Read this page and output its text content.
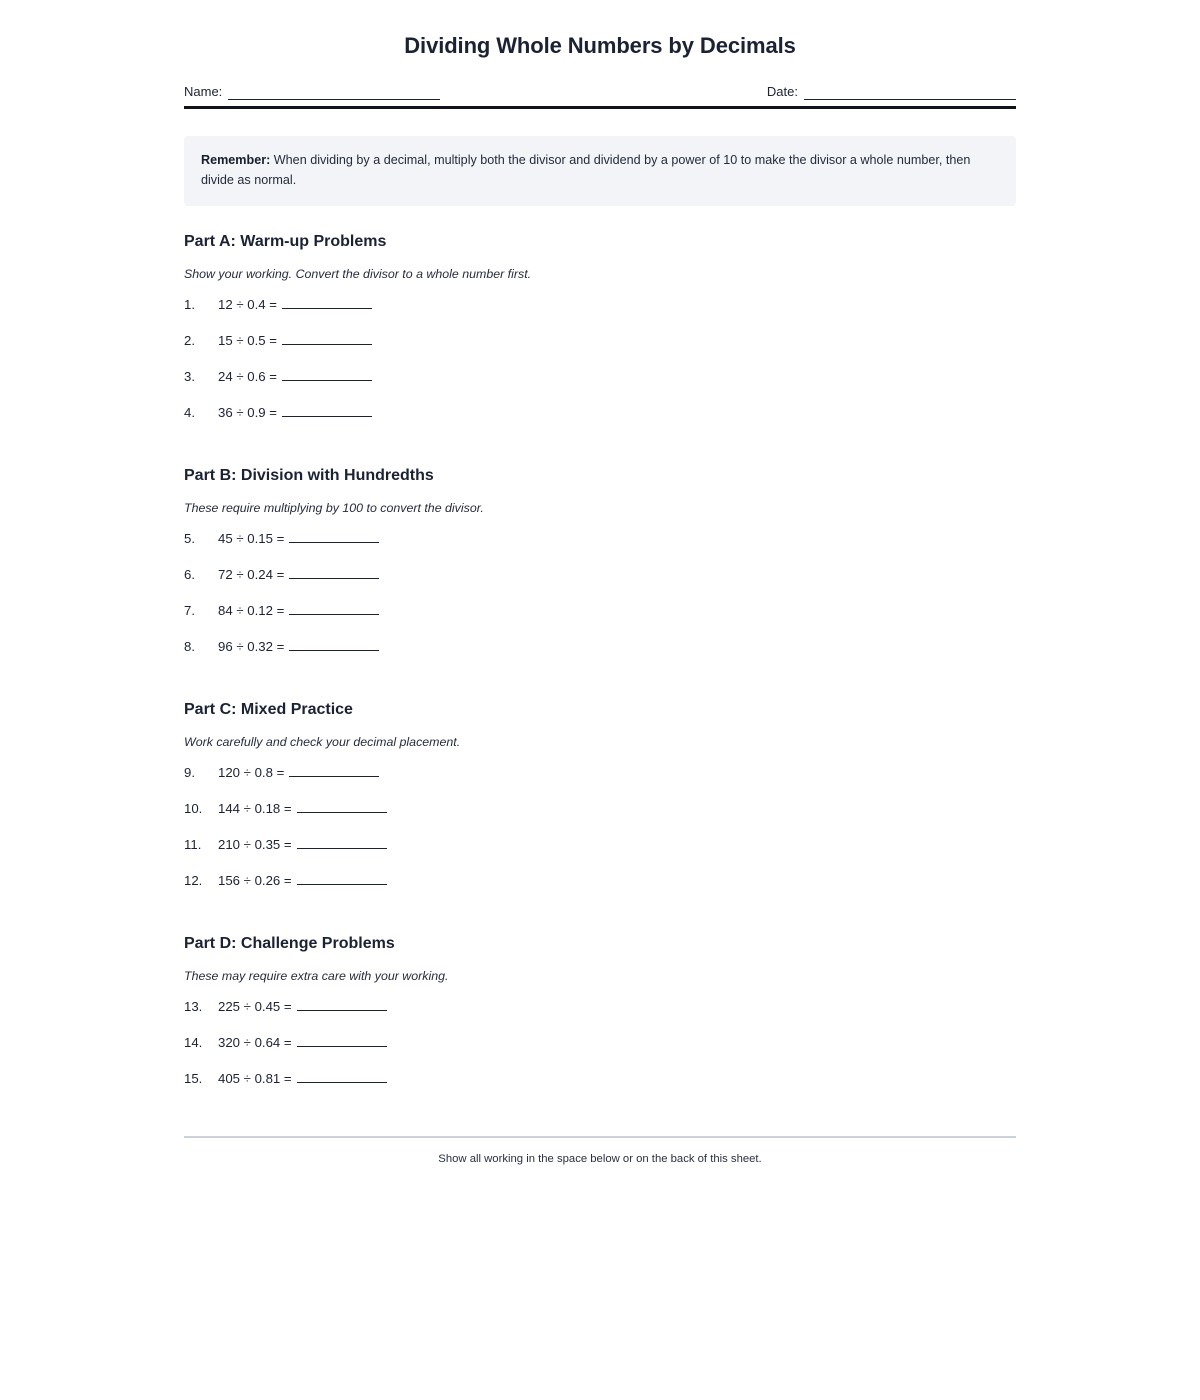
Dividing Whole Numbers by Decimals
Name:	Date:
Remember: When dividing by a decimal, multiply both the divisor and dividend by a power of 10 to make the divisor a whole number, then divide as normal.
Part A: Warm-up Problems

Show your working. Convert the divisor to a whole number first.

1.	12 ÷ 0.4 =
2.	15 ÷ 0.5 =
3.	24 ÷ 0.6 =
4.	36 ÷ 0.9 =
Part B: Division with Hundredths

These require multiplying by 100 to convert the divisor.

5.	45 ÷ 0.15 =
6.	72 ÷ 0.24 =
7.	84 ÷ 0.12 =
8.	96 ÷ 0.32 =
Part C: Mixed Practice

Work carefully and check your decimal placement.

9.	120 ÷ 0.8 =
10.	144 ÷ 0.18 =
11.	210 ÷ 0.35 =
12.	156 ÷ 0.26 =
Part D: Challenge Problems

These may require extra care with your working.

13.	225 ÷ 0.45 =
14.	320 ÷ 0.64 =
15.	405 ÷ 0.81 =

Show all working in the space below or on the back of this sheet.
